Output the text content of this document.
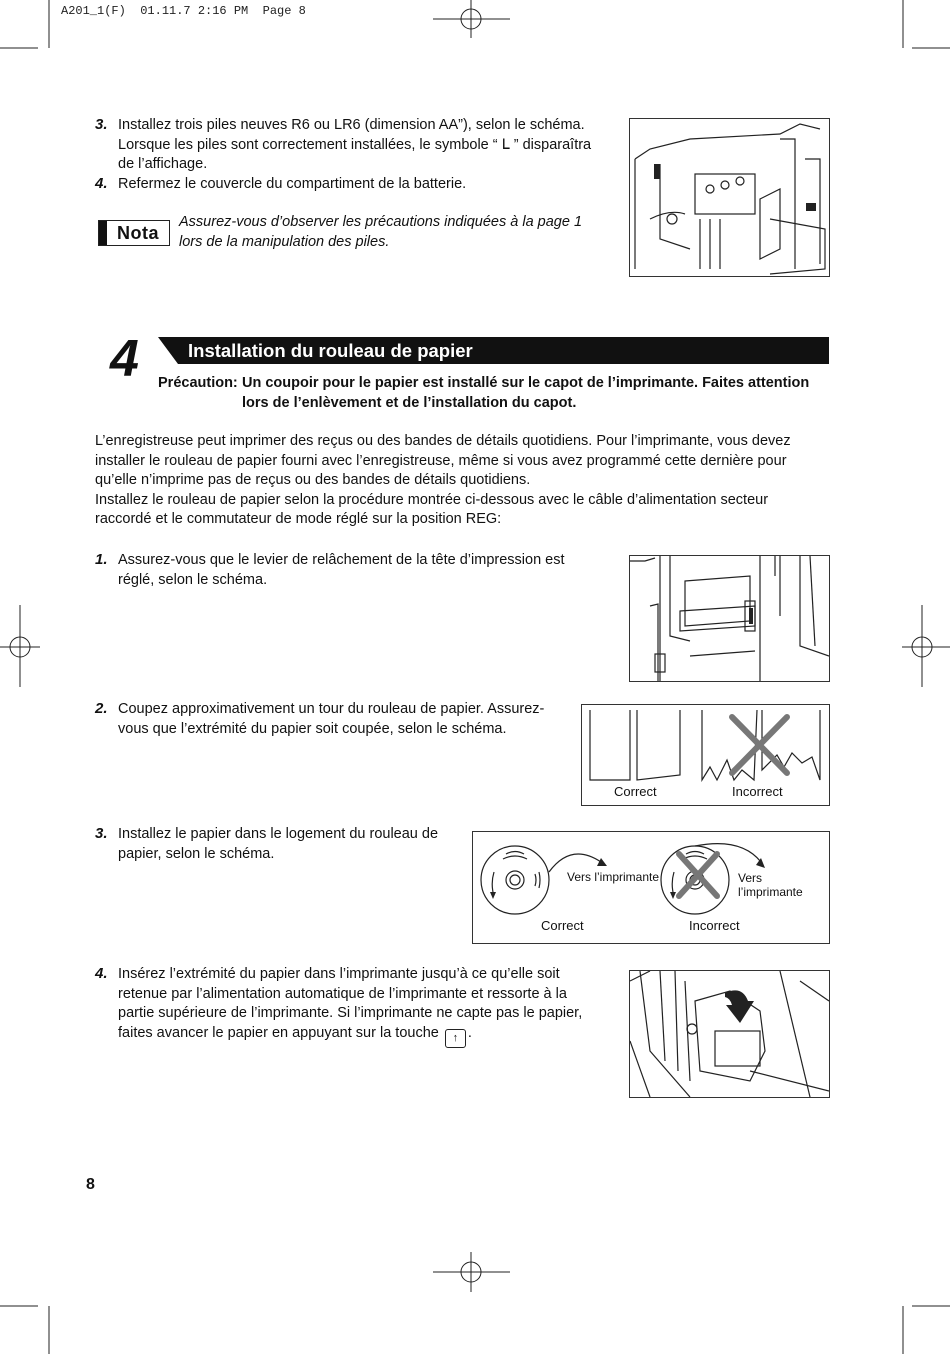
A201_1(F)  01.11.7 2:16 PM  Page 8
3. Installez trois piles neuves R6 ou LR6 (dimension AA”), selon le schéma. Lorsque les piles sont correctement installées, le symbole “ ᒪ ” disparaîtra de l’affichage.
4. Refermez le couvercle du compartiment de la batterie.
Nota
Assurez-vous d’observer les précautions indiquées à la page 1 lors de la manipulation des piles.
4	Installation du rouleau de papier
Précaution: Un coupoir pour le papier est installé sur le capot de l’imprimante. Faites attention lors de l’enlèvement et de l’installation du capot.
L’enregistreuse peut imprimer des reçus ou des bandes de détails quotidiens. Pour l’imprimante, vous devez installer le rouleau de papier fourni avec l’enregistreuse, même si vous avez programmé cette dernière pour qu’elle n’imprime pas de reçus ou des bandes de détails quotidiens.
Installez le rouleau de papier selon la procédure montrée ci-dessous avec le câble d’alimentation secteur raccordé et le commutateur de mode réglé sur la position REG:
1. Assurez-vous que le levier de relâchement de la tête d’impression est réglé, selon le schéma.
2. Coupez approximativement un tour du rouleau de papier. Assurez-vous que l’extrémité du papier soit coupée, selon le schéma.
Correct	Incorrect
3. Installez le papier dans le logement du rouleau de papier, selon le schéma.
Vers l’imprimante	Vers l’imprimante
Correct	Incorrect
4. Insérez l’extrémité du papier dans l’imprimante jusqu’à ce qu’elle soit retenue par l’alimentation automatique de l’imprimante et ressorte à la partie supérieure de l’imprimante. Si l’imprimante ne capte pas le papier, faites avancer le papier en appuyant sur la touche ↑ .
8
